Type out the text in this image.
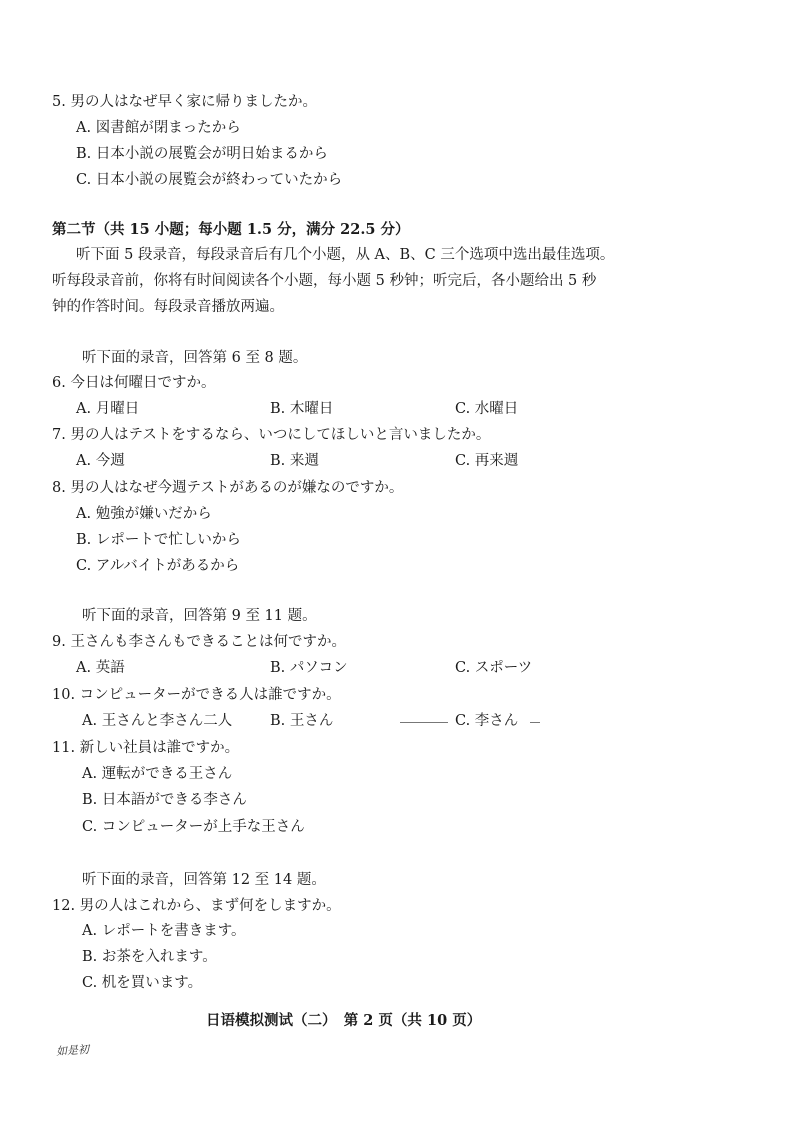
5. 男の人はなぜ早く家に帰りましたか。
A. 図書館が閉まったから
B. 日本小説の展覧会が明日始まるから
C. 日本小説の展覧会が終わっていたから
第二节（共 15 小题；每小题 1.5 分，满分 22.5 分）
听下面 5 段录音，每段录音后有几个小题，从 A、B、C 三个选项中选出最佳选项。
听每段录音前，你将有时间阅读各个小题，每小题 5 秒钟；听完后，各小题给出 5 秒
钟的作答时间。每段录音播放两遍。
听下面的录音，回答第 6 至 8 题。
6. 今日は何曜日ですか。
A. 月曜日	B. 木曜日	C. 水曜日
7. 男の人はテストをするなら、いつにしてほしいと言いましたか。
A. 今週	B. 来週	C. 再来週
8. 男の人はなぜ今週テストがあるのが嫌なのですか。
A. 勉強が嫌いだから
B. レポートで忙しいから
C. アルバイトがあるから
听下面的录音，回答第 9 至 11 题。
9. 王さんも李さんもできることは何ですか。
A. 英語	B. パソコン	C. スポーツ
10. コンピューターができる人は誰ですか。
A. 王さんと李さん二人	B. 王さん	C. 李さん
11. 新しい社員は誰ですか。
A. 運転ができる王さん
B. 日本語ができる李さん
C. コンピューターが上手な王さん
听下面的录音，回答第 12 至 14 题。
12. 男の人はこれから、まず何をしますか。
A. レポートを書きます。
B. お茶を入れます。
C. 机を買います。
日语模拟测试（二）　第 2 页（共 10 页）
如是初
